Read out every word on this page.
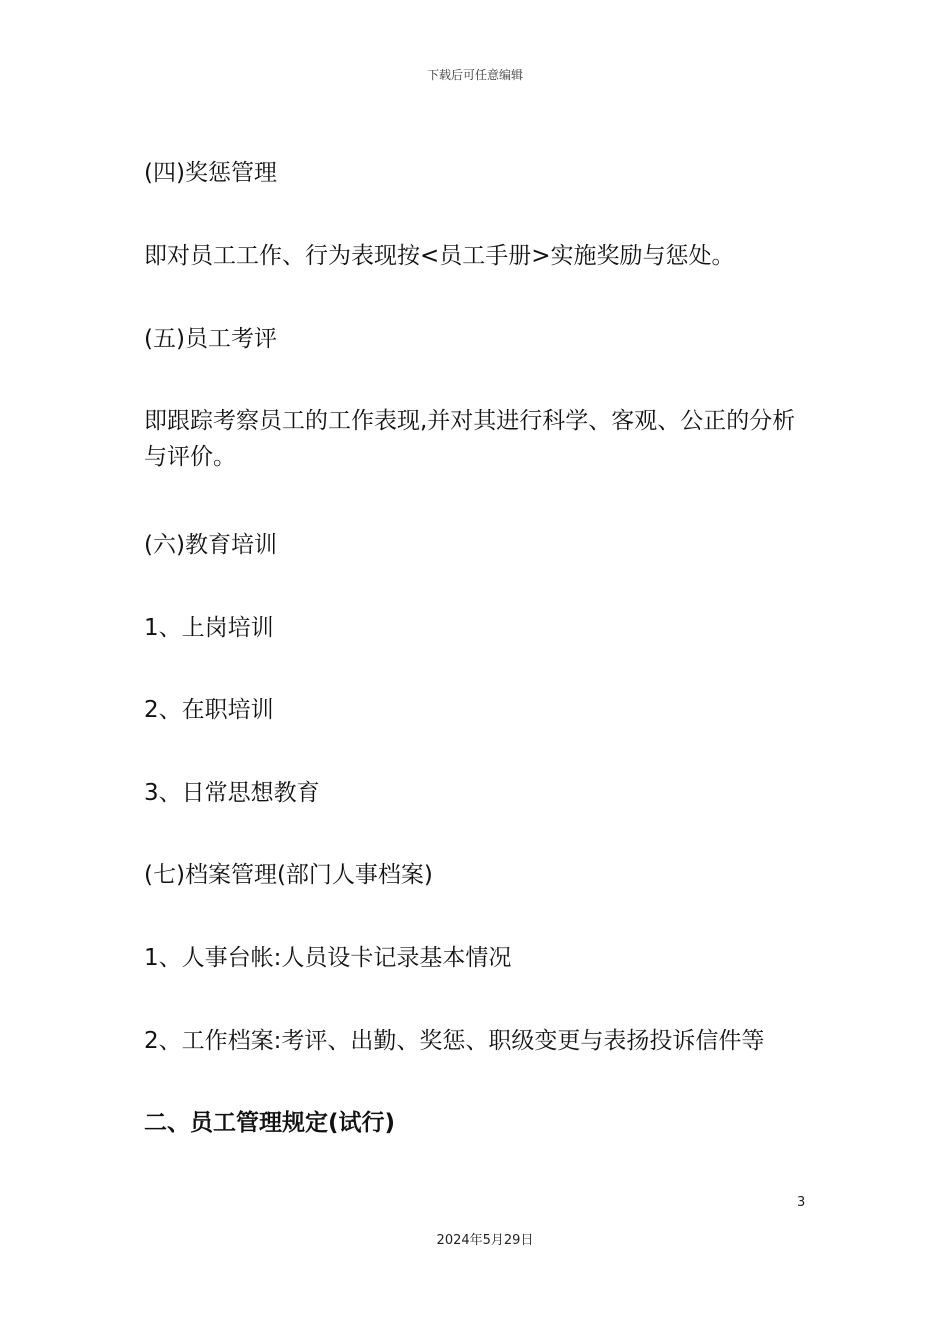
下载后可任意编辑
(四)奖惩管理
即对员工工作、行为表现按<员工手册>实施奖励与惩处。
(五)员工考评
即跟踪考察员工的工作表现,并对其进行科学、客观、公正的分析与评价。
(六)教育培训
1、上岗培训
2、在职培训
3、日常思想教育
(七)档案管理(部门人事档案)
1、人事台帐:人员设卡记录基本情况
2、工作档案:考评、出勤、奖惩、职级变更与表扬投诉信件等
二、员工管理规定(试行)
3
2024年5月29日
